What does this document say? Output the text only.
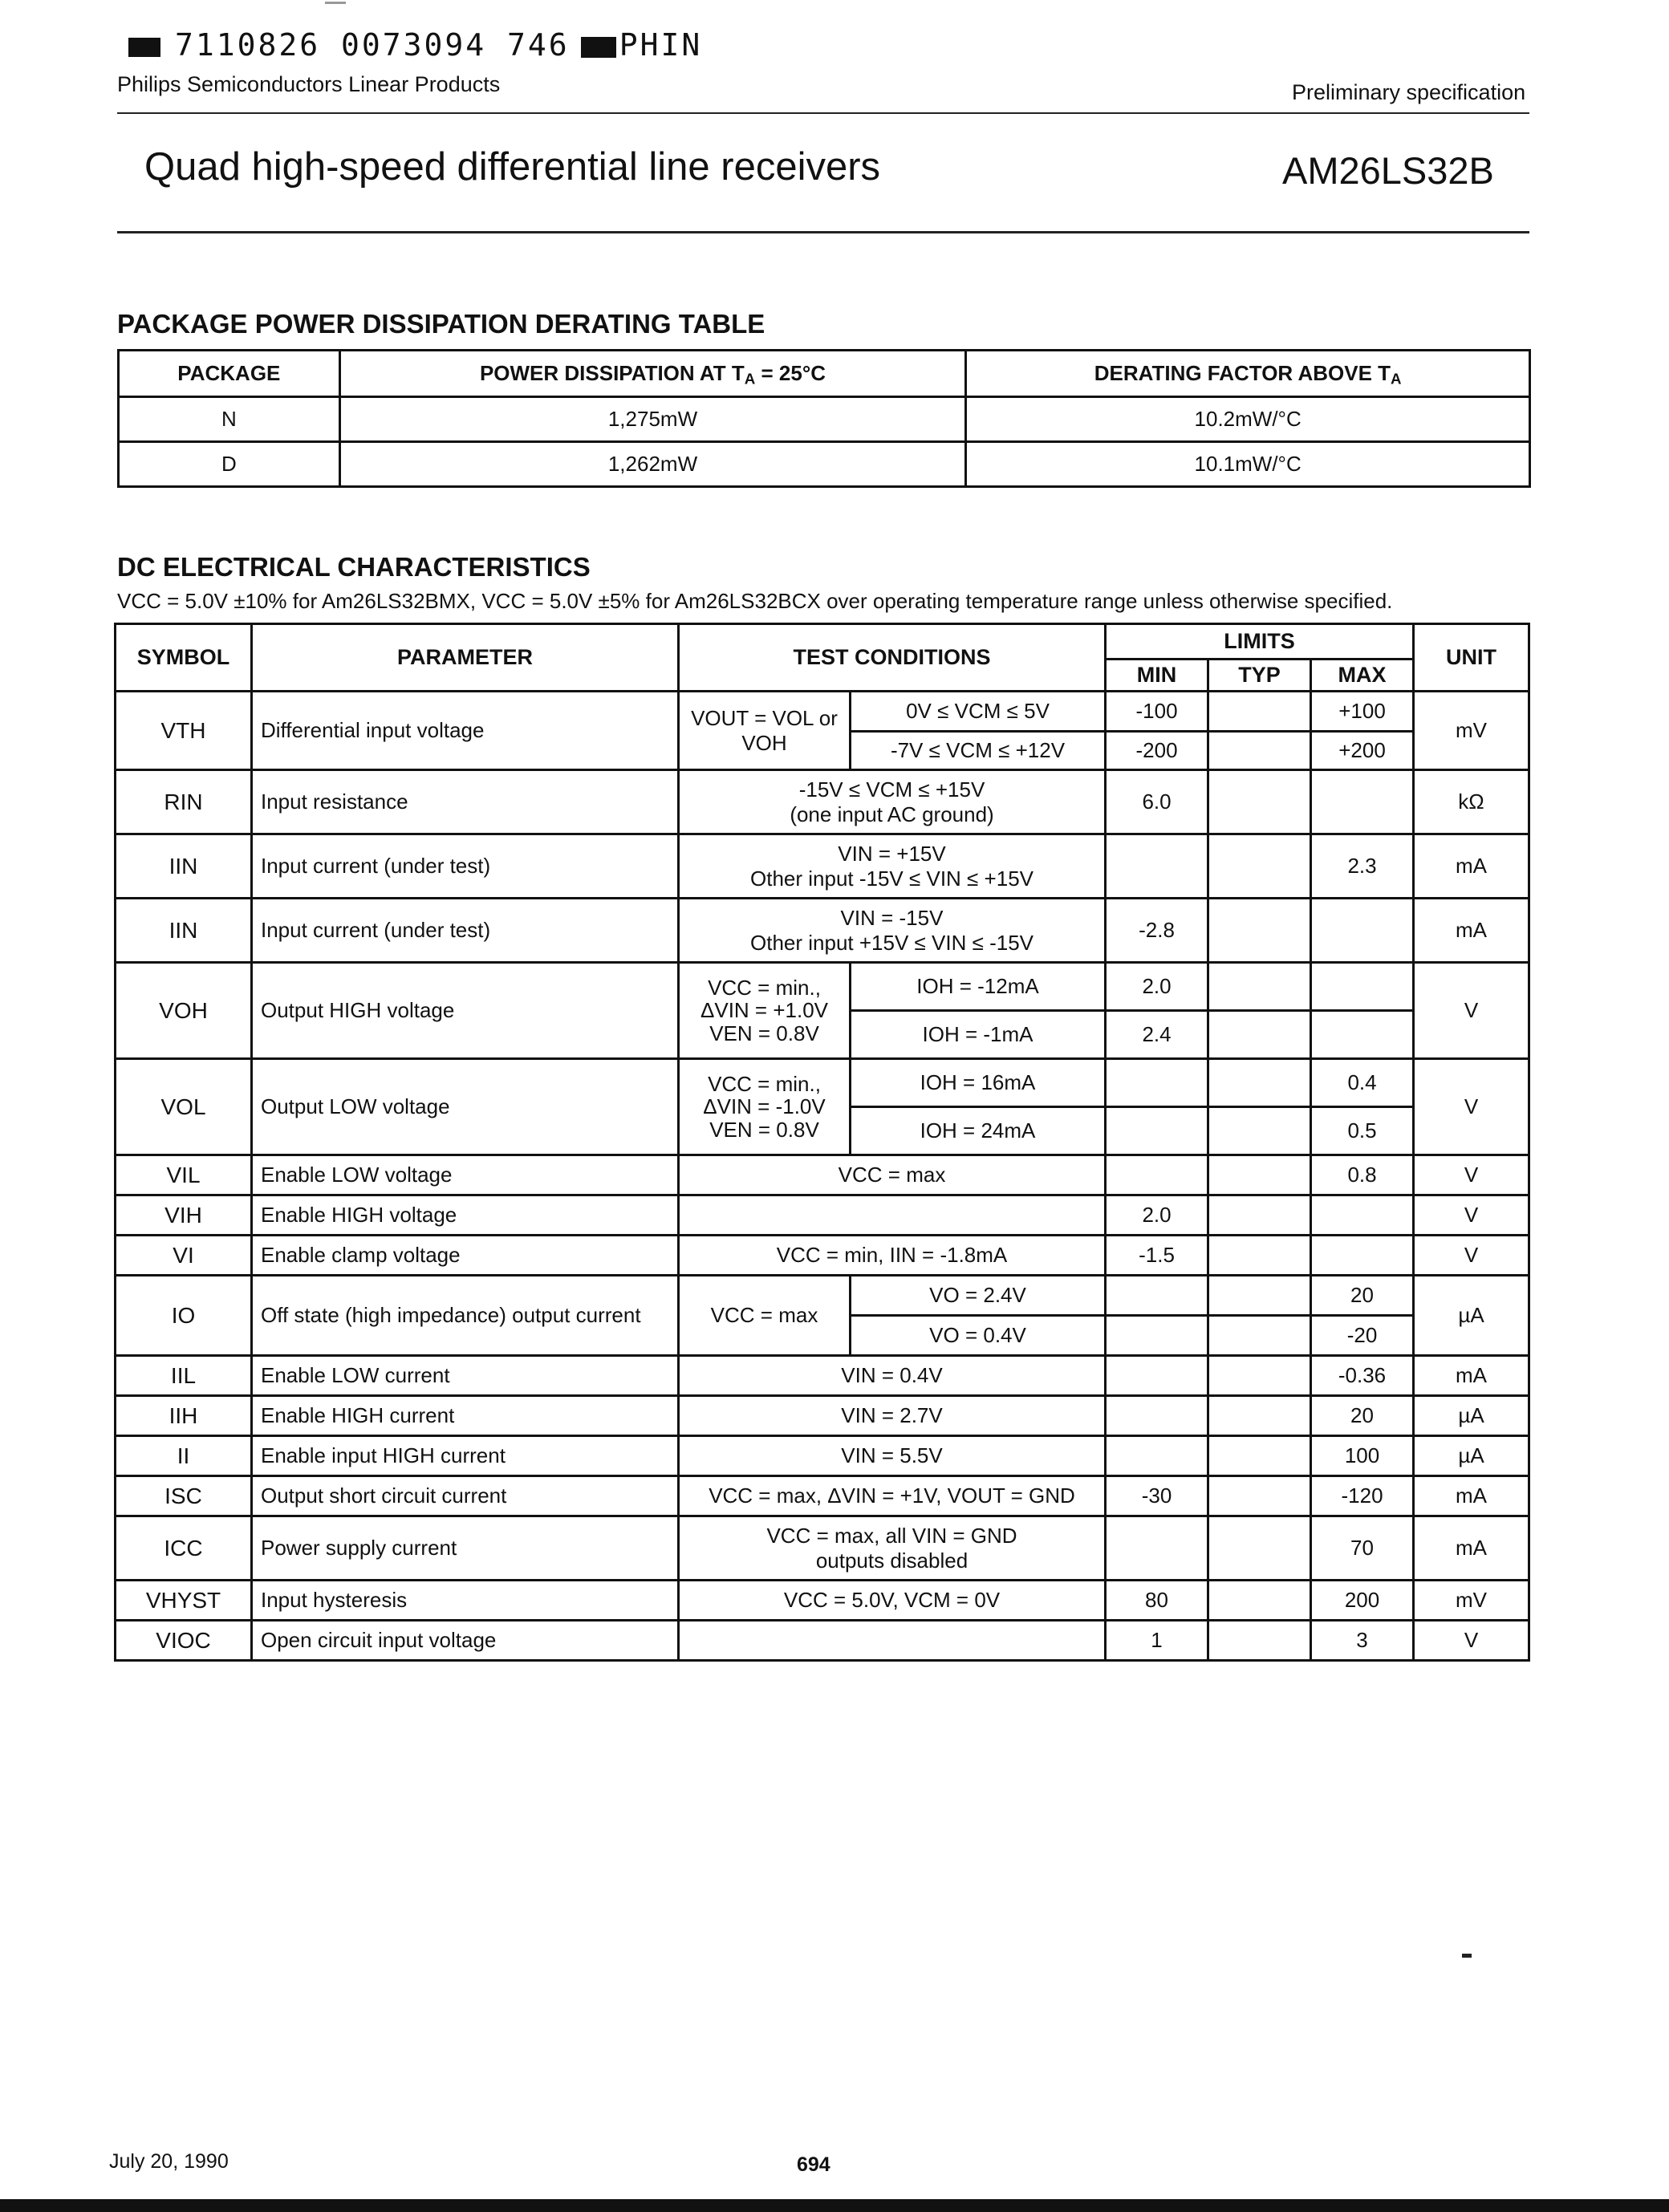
7110826 0073094 746 PHIN
Philips Semiconductors Linear Products	Preliminary specification
Quad high-speed differential line receivers	AM26LS32B
PACKAGE POWER DISSIPATION DERATING TABLE
PACKAGE	POWER DISSIPATION AT $T_A = 25^\circ C$	DERATING FACTOR ABOVE $T_A$
N	1,275mW	10.2mW/°C
D	1,262mW	10.1mW/°C
DC ELECTRICAL CHARACTERISTICS
VCC = 5.0V ±10% for Am26LS32BMX, VCC = 5.0V ±5% for Am26LS32BCX over operating temperature range unless otherwise specified.
SYMBOL	PARAMETER	TEST CONDITIONS		LIMITS			UNIT
				MIN	TYP	MAX	
VTH	Differential input voltage	VOUT = VOL or VOH	0V ≤ VCM ≤ 5V	-100		+100	mV
			-7V ≤ VCM ≤ +12V	-200		+200	
RIN	Input resistance	-15V ≤ VCM ≤ +15V
(one input AC ground)		6.0			kΩ
IIN	Input current (under test)	VIN = +15V
Other input -15V ≤ VIN ≤ +15V				2.3	mA
IIN	Input current (under test)	VIN = -15V
Other input +15V ≤ VIN ≤ -15V		-2.8			mA
VOH	Output HIGH voltage	VCC = min.,
ΔVIN = +1.0V
VEN = 0.8V	IOH = -12mA	2.0			V
			IOH = -1mA	2.4			
VOL	Output LOW voltage	VCC = min.,
ΔVIN = -1.0V
VEN = 0.8V	IOH = 16mA			0.4	V
			IOH = 24mA			0.5	
VIL	Enable LOW voltage	VCC = max				0.8	V
VIH	Enable HIGH voltage			2.0			V
VI	Enable clamp voltage	VCC = min, IIN = -1.8mA		-1.5			V
IO	Off state (high impedance) output current	VCC = max	VO = 2.4V			20	µA
			VO = 0.4V			-20	
IIL	Enable LOW current	VIN = 0.4V				-0.36	mA
IIH	Enable HIGH current	VIN = 2.7V				20	µA
II	Enable input HIGH current	VIN = 5.5V				100	µA
ISC	Output short circuit current	VCC = max, ΔVIN = +1V, VOUT = GND		-30		-120	mA
ICC	Power supply current	VCC = max, all VIN = GND
outputs disabled				70	mA
VHYST	Input hysteresis	VCC = 5.0V, VCM = 0V		80		200	mV
VIOC	Open circuit input voltage			1		3	V
July 20, 1990	694
